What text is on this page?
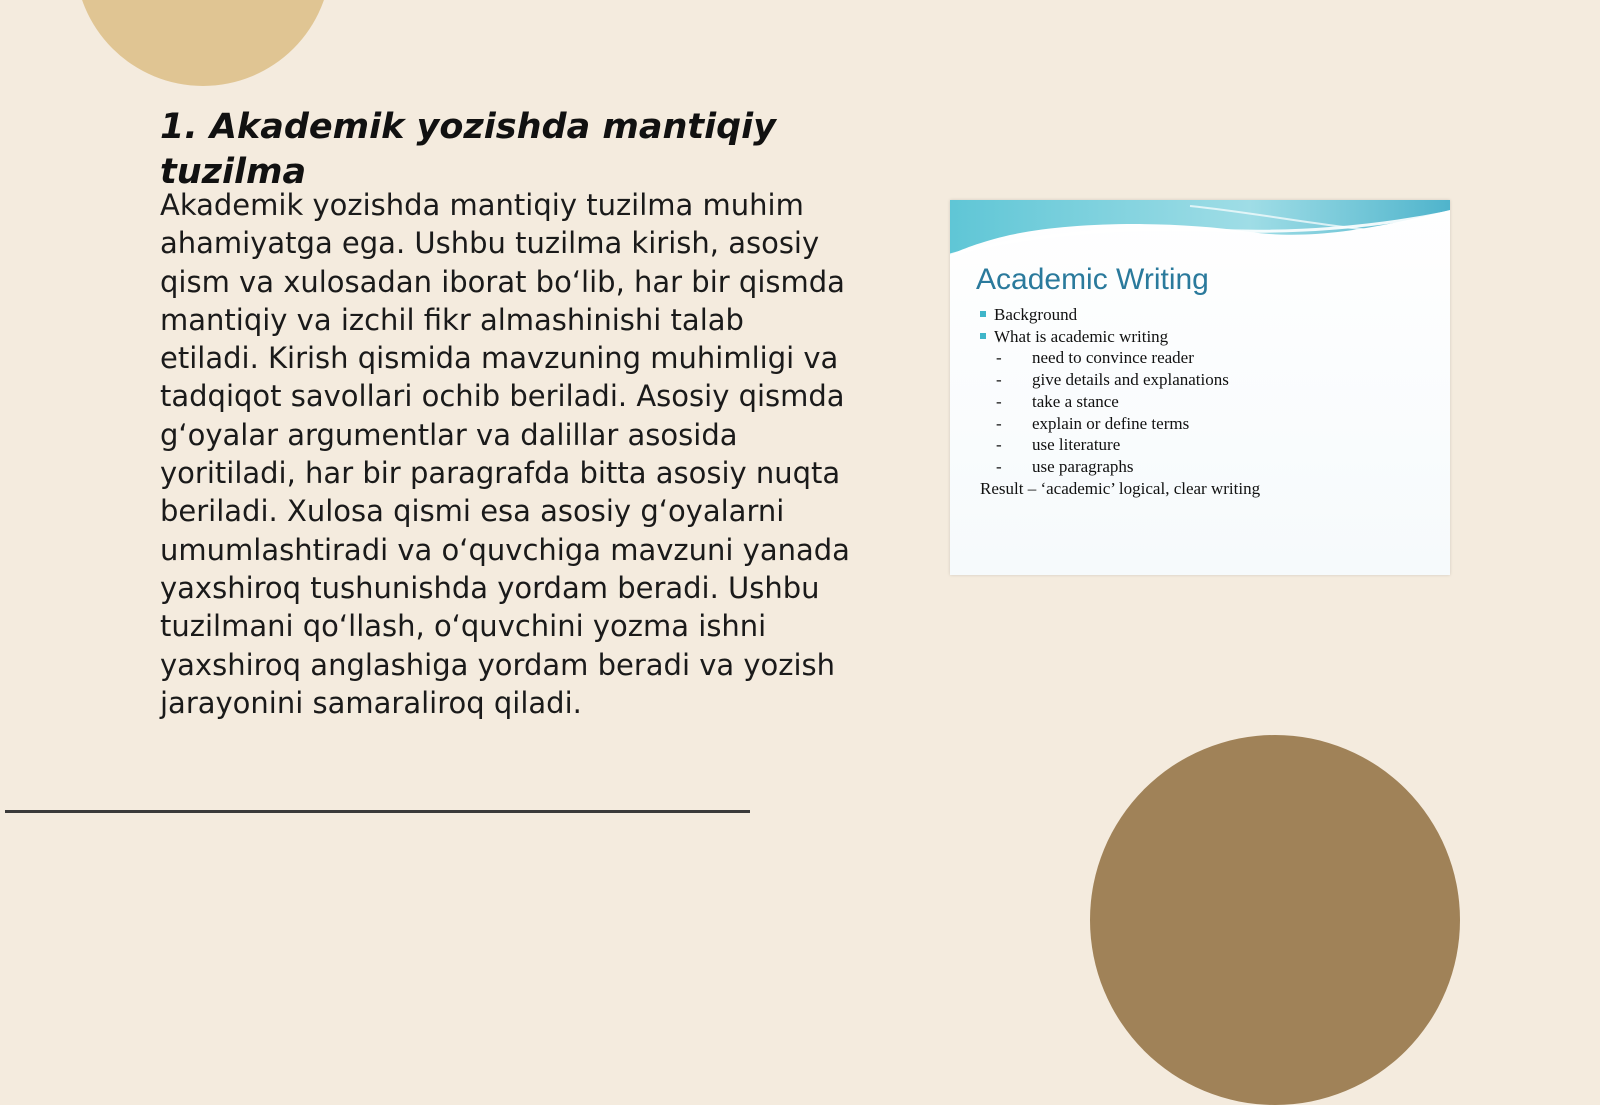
1. Akademik yozishda mantiqiy tuzilma

Akademik yozishda mantiqiy tuzilma muhim ahamiyatga ega. Ushbu tuzilma kirish, asosiy qism va xulosadan iborat bo‘lib, har bir qismda mantiqiy va izchil fikr almashinishi talab etiladi. Kirish qismida mavzuning muhimligi va tadqiqot savollari ochib beriladi. Asosiy qismda g‘oyalar argumentlar va dalillar asosida yoritiladi, har bir paragrafda bitta asosiy nuqta beriladi. Xulosa qismi esa asosiy g‘oyalarni umumlashtiradi va o‘quvchiga mavzuni yanada yaxshiroq tushunishda yordam beradi. Ushbu tuzilmani qo‘llash, o‘quvchini yozma ishni yaxshiroq anglashiga yordam beradi va yozish jarayonini samaraliroq qiladi.

Academic Writing
Background
What is academic writing
- need to convince reader
- give details and explanations
- take a stance
- explain or define terms
- use literature
- use paragraphs
Result – ‘academic’ logical, clear writing
